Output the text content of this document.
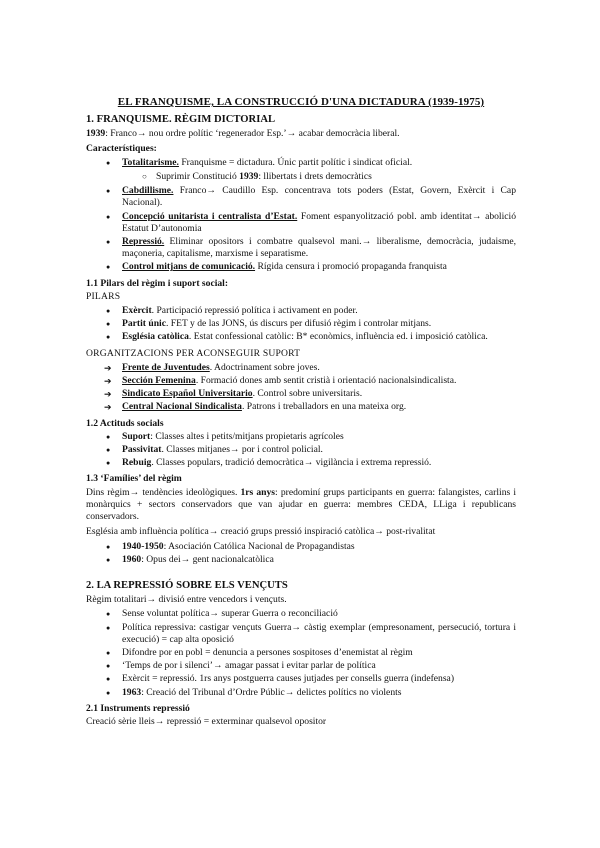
EL FRANQUISME, LA CONSTRUCCIÓ D'UNA DICTADURA (1939-1975)
1. FRANQUISME. RÈGIM DICTORIAL

1939: Franco→ nou ordre polític ‘regenerador Esp.’→ acabar democràcia liberal.

Característiques:

● Totalitarisme. Franquisme = dictadura. Únic partit polític i sindicat oficial.
○ Suprimir Constitució 1939: llibertats i drets democràtics
● Cabdillisme. Franco→ Caudillo Esp. concentrava tots poders (Estat, Govern, Exèrcit i Cap Nacional).
● Concepció unitarista i centralista d’Estat. Foment espanyolització pobl. amb identitat→ abolició Estatut D’autonomia
● Repressió. Eliminar opositors i combatre qualsevol mani.→ liberalisme, democràcia, judaisme, maçoneria, capitalisme, marxisme i separatisme.
● Control mitjans de comunicació. Rígida censura i promoció propaganda franquista
1.1 Pilars del règim i suport social:

PILARS

● Exèrcit. Participació repressió política i activament en poder.
● Partit únic. FET y de las JONS, ús discurs per difusió règim i controlar mitjans.
● Església catòlica. Estat confessional catòlic: B* econòmics, influència ed. i imposició catòlica.

ORGANITZACIONS PER ACONSEGUIR SUPORT

➔ Frente de Juventudes. Adoctrinament sobre joves.
➔ Sección Femenina. Formació dones amb sentit cristià i orientació nacionalsindicalista.
➔ Sindicato Español Universitario. Control sobre universitaris.
➔ Central Nacional Sindicalista. Patrons i treballadors en una mateixa org.
1.2 Actituds socials
● Suport: Classes altes i petits/mitjans propietaris agrícoles
● Passivitat. Classes mitjanes→ por i control policial.
● Rebuig. Classes populars, tradició democràtica→ vigilància i extrema repressió.
1.3 ‘Famílies’ del règim

Dins règim→ tendències ideològiques. 1rs anys: predominí grups participants en guerra: falangistes, carlins i monàrquics + sectors conservadors que van ajudar en guerra: membres CEDA, LLiga i republicans conservadors.

Església amb influència política→ creació grups pressió inspiració catòlica→ post-rivalitat

● 1940-1950: Asociación Católica Nacional de Propagandistas
● 1960: Opus dei→ gent nacionalcatòlica
2. LA REPRESSIÓ SOBRE ELS VENÇUTS

Règim totalitari→ divisió entre vencedors i vençuts.

● Sense voluntat política→ superar Guerra o reconciliació
● Política repressiva: castigar vençuts Guerra→ càstig exemplar (empresonament, persecució, tortura i execució) = cap alta oposició
● Difondre por en pobl = denuncia a persones sospitoses d’enemistat al règim
● ‘Temps de por i silenci’→ amagar passat i evitar parlar de política
● Exèrcit = repressió. 1rs anys postguerra causes jutjades per consells guerra (indefensa)
● 1963: Creació del Tribunal d’Ordre Públic→ delictes polítics no violents
2.1 Instruments repressió

Creació sèrie lleis→ repressió = exterminar qualsevol opositor
